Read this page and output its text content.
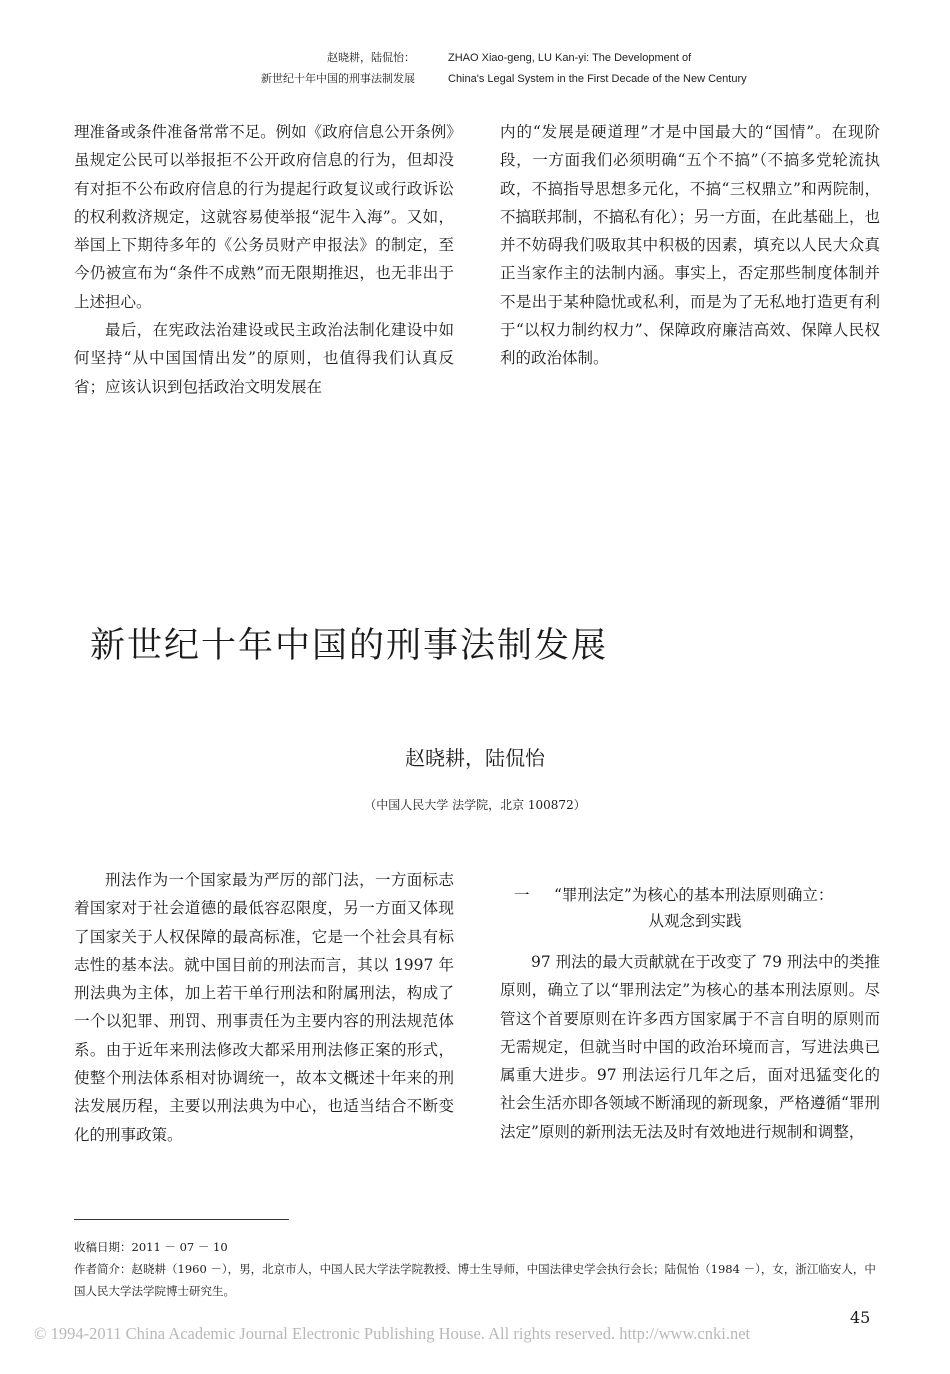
赵晓耕，陆侃怡：
新世纪十年中国的刑事法制发展
ZHAO Xiao-geng, LU Kan-yi: The Development of
China's Legal System in the First Decade of the New Century

理准备或条件准备常常不足。例如《政府信息公开条例》虽规定公民可以举报拒不公开政府信息的行为，但却没有对拒不公布政府信息的行为提起行政复议或行政诉讼的权利救济规定，这就容易使举报“泥牛入海”。又如，举国上下期待多年的《公务员财产申报法》的制定，至今仍被宣布为“条件不成熟”而无限期推迟，也无非出于上述担心。

最后，在宪政法治建设或民主政治法制化建设中如何坚持“从中国国情出发”的原则，也值得我们认真反省；应该认识到包括政治文明发展在

内的“发展是硬道理”才是中国最大的“国情”。在现阶段，一方面我们必须明确“五个不搞”（不搞多党轮流执政，不搞指导思想多元化，不搞“三权鼎立”和两院制，不搞联邦制，不搞私有化）；另一方面，在此基础上，也并不妨碍我们吸取其中积极的因素，填充以人民大众真正当家作主的法制内涵。事实上，否定那些制度体制并不是出于某种隐忧或私利，而是为了无私地打造更有利于“以权力制约权力”、保障政府廉洁高效、保障人民权利的政治体制。

新世纪十年中国的刑事法制发展
赵晓耕，陆侃怡
（中国人民大学 法学院，北京 100872）

刑法作为一个国家最为严厉的部门法，一方面标志着国家对于社会道德的最低容忍限度，另一方面又体现了国家关于人权保障的最高标准，它是一个社会具有标志性的基本法。就中国目前的刑法而言，其以 1997 年刑法典为主体，加上若干单行刑法和附属刑法，构成了一个以犯罪、刑罚、刑事责任为主要内容的刑法规范体系。由于近年来刑法修改大都采用刑法修正案的形式，使整个刑法体系相对协调统一，故本文概述十年来的刑法发展历程，主要以刑法典为中心，也适当结合不断变化的刑事政策。

一 “罪刑法定”为核心的基本刑法原则确立：
从观念到实践

97 刑法的最大贡献就在于改变了 79 刑法中的类推原则，确立了以“罪刑法定”为核心的基本刑法原则。尽管这个首要原则在许多西方国家属于不言自明的原则而无需规定，但就当时中国的政治环境而言，写进法典已属重大进步。97 刑法运行几年之后，面对迅猛变化的社会生活亦即各领域不断涌现的新现象，严格遵循“罪刑法定”原则的新刑法无法及时有效地进行规制和调整，

收稿日期：2011 － 07 － 10

作者简介：赵晓耕（1960 －），男，北京市人，中国人民大学法学院教授、博士生导师，中国法律史学会执行会长；陆侃怡（1984 －），女，浙江临安人，中国人民大学法学院博士研究生。

45
© 1994-2011 China Academic Journal Electronic Publishing House. All rights reserved. http://www.cnki.net
